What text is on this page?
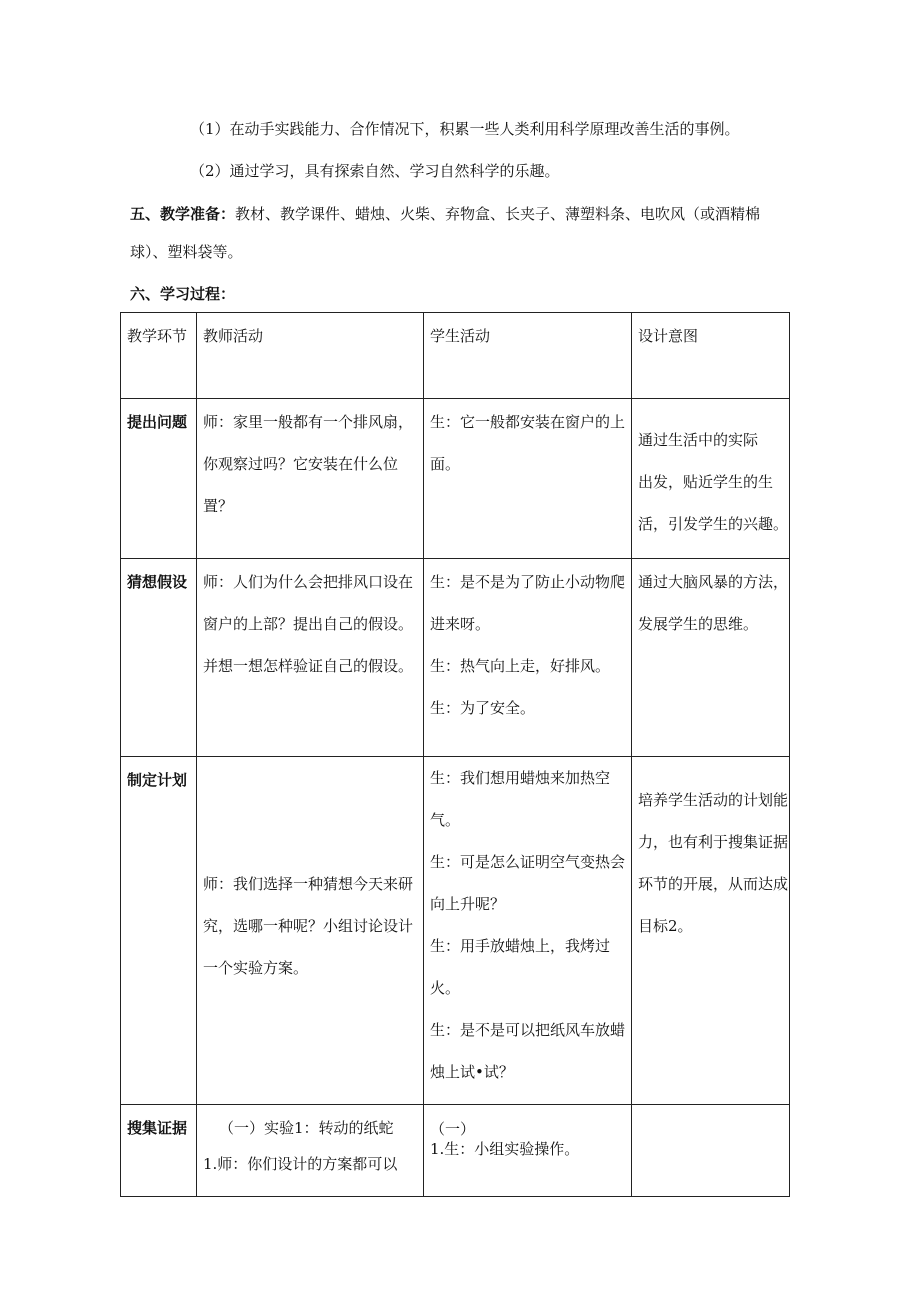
（1）在动手实践能力、合作情况下，积累一些人类利用科学原理改善生活的事例。
（2）通过学习，具有探索自然、学习自然科学的乐趣。
五、教学准备：教材、教学课件、蜡烛、火柴、弃物盒、长夹子、薄塑料条、电吹风（或酒精棉
球）、塑料袋等。
六、学习过程：
教学环节	教师活动	学生活动	设计意图
提出问题	师：家里一般都有一个排风扇，你观察过吗？它安装在什么位置？	生：它一般都安装在窗户的上面。	通过生活中的实际
出发，贴近学生的生活，引发学生的兴趣。

猜想假设	师：人们为什么会把排风口设在窗户的上部？提出自己的假设。并想一想怎样验证自己的假设。	生：是不是为了防止小动物爬进来呀。
生：热气向上走，好排风。
生：为了安全。	通过大脑风暴的方法，发展学生的思维。

制定计划	师：我们选择一种猜想今天来研究，选哪一种呢？小组讨论设计一个实验方案。	生：我们想用蜡烛来加热空气。
生：可是怎么证明空气变热会向上升呢？
生：用手放蜡烛上，我烤过火。
生：是不是可以把纸风车放蜡烛上试•试？	培养学生活动的计划能力，也有利于搜集证据环节的开展，从而达成目标2。

搜集证据	（一）实验1：转动的纸蛇
1.师：你们设计的方案都可以	（一）
1.生：小组实验操作。	
